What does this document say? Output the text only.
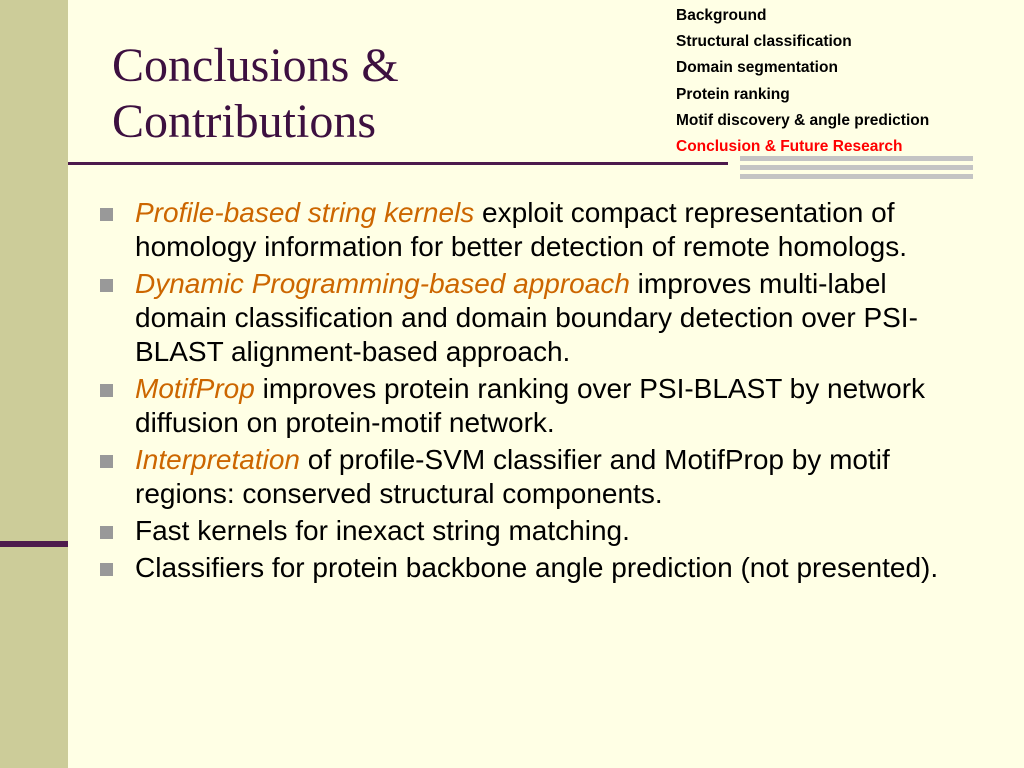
Conclusions &
Contributions
Background
Structural classification
Domain segmentation
Protein ranking
Motif discovery & angle prediction
Conclusion & Future Research
Profile-based string kernels exploit compact representation of homology information for better detection of remote homologs.
Dynamic Programming-based approach improves multi-label domain classification and domain boundary detection over PSI-BLAST alignment-based approach.
MotifProp improves protein ranking over PSI-BLAST by network diffusion on protein-motif network.
Interpretation of profile-SVM classifier and MotifProp by motif regions: conserved structural components.
Fast kernels for inexact string matching.
Classifiers for protein backbone angle prediction (not presented).
